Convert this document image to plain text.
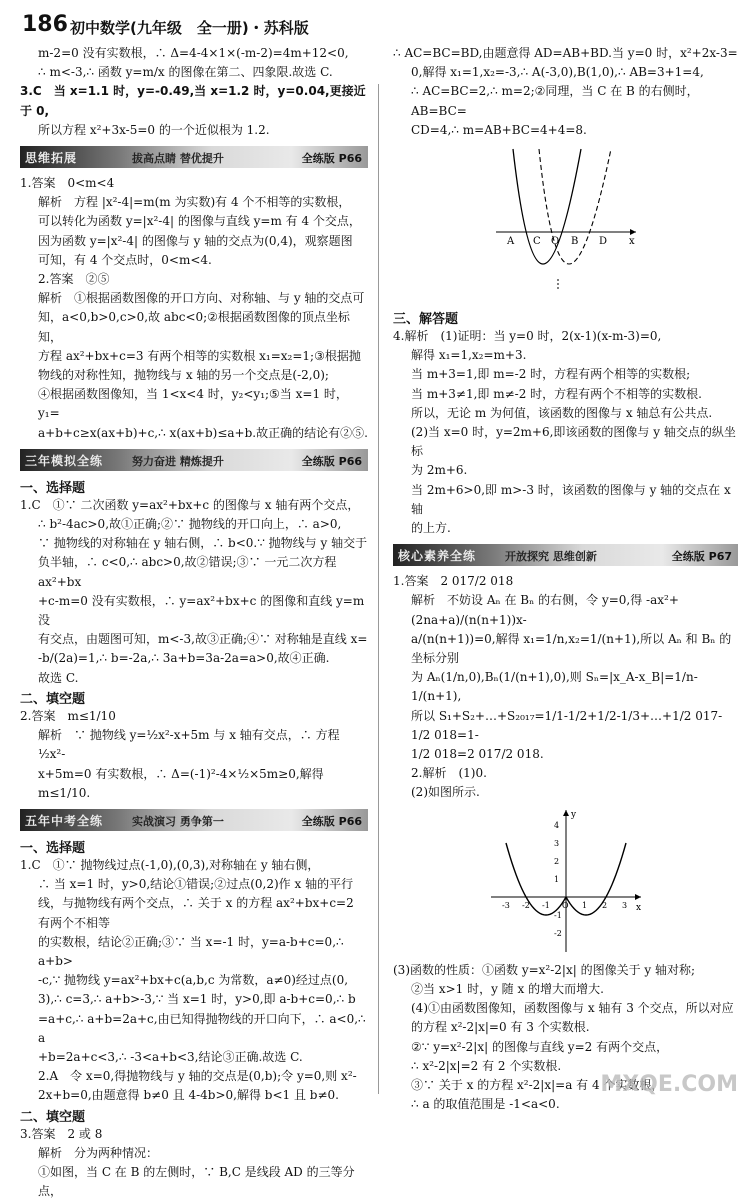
186 初中数学(九年级　全一册)・苏科版

m-2=0 没有实数根，∴ Δ=4-4×1×(-m-2)=4m+12<0,

∴ m<-3,∴ 函数 y=m/x 的图像在第二、四象限.故选 C.

3.C　当 x=1.1 时，y=-0.49,当 x=1.2 时，y=0.04,更接近于 0,

所以方程 x²+3x-5=0 的一个近似根为 1.2.

思维拓展	拔高点睛 替优提升	全练版 P66

1.答案　0<m<4

解析　方程 |x²-4|=m(m 为实数)有 4 个不相等的实数根，

可以转化为函数 y=|x²-4| 的图像与直线 y=m 有 4 个交点，

因为函数 y=|x²-4| 的图像与 y 轴的交点为(0,4)，观察题图

可知，有 4 个交点时，0<m<4.

2.答案　②⑤

解析　①根据函数图像的开口方向、对称轴、与 y 轴的交点可

知，a<0,b>0,c>0,故 abc<0;②根据函数图像的顶点坐标知，

方程 ax²+bx+c=3 有两个相等的实数根 x₁=x₂=1;③根据抛

物线的对称性知，抛物线与 x 轴的另一个交点是(-2,0);

④根据函数图像知，当 1<x<4 时，y₂<y₁;⑤当 x=1 时，y₁=

a+b+c≥x(ax+b)+c,∴ x(ax+b)≤a+b.故正确的结论有②⑤.

三年模拟全练	努力奋进 精炼提升	全练版 P66

一、选择题

1.C　①∵ 二次函数 y=ax²+bx+c 的图像与 x 轴有两个交点，

∴ b²-4ac>0,故①正确;②∵ 抛物线的开口向上，∴ a>0,

∵ 抛物线的对称轴在 y 轴右侧，∴ b<0.∵ 抛物线与 y 轴交于

负半轴，∴ c<0,∴ abc>0,故②错误;③∵ 一元二次方程 ax²+bx

+c-m=0 没有实数根，∴ y=ax²+bx+c 的图像和直线 y=m 没

有交点，由题图可知，m<-3,故③正确;④∵ 对称轴是直线 x=

-b/(2a)=1,∴ b=-2a,∴ 3a+b=3a-2a=a>0,故④正确.

故选 C.

二、填空题

2.答案　m≤1/10

解析　∵ 抛物线 y=½x²-x+5m 与 x 轴有交点，∴ 方程 ½x²-

x+5m=0 有实数根，∴ Δ=(-1)²-4×½×5m≥0,解得 m≤1/10.

五年中考全练	实战演习 勇争第一	全练版 P66

一、选择题

1.C　①∵ 抛物线过点(-1,0),(0,3),对称轴在 y 轴右侧，

∴ 当 x=1 时，y>0,结论①错误;②过点(0,2)作 x 轴的平行

线，与抛物线有两个交点，∴ 关于 x 的方程 ax²+bx+c=2 有两个不相等

的实数根，结论②正确;③∵ 当 x=-1 时，y=a-b+c=0,∴ a+b>

-c,∵ 抛物线 y=ax²+bx+c(a,b,c 为常数，a≠0)经过点(0,

3),∴ c=3,∴ a+b>-3,∵ 当 x=1 时，y>0,即 a-b+c=0,∴ b

=a+c,∴ a+b=2a+c,由已知得抛物线的开口向下，∴ a<0,∴ a

+b=2a+c<3,∴ -3<a+b<3,结论③正确.故选 C.

2.A　令 x=0,得抛物线与 y 轴的交点是(0,b);令 y=0,则 x²-

2x+b=0,由题意得 b≠0 且 4-4b>0,解得 b<1 且 b≠0.

二、填空题

3.答案　2 或 8

解析　分为两种情况：

①如图，当 C 在 B 的左侧时，∵ B,C 是线段 AD 的三等分点，

∴ AC=BC=BD,由题意得 AD=AB+BD.当 y=0 时，x²+2x-3=

0,解得 x₁=1,x₂=-3,∴ A(-3,0),B(1,0),∴ AB=3+1=4,

∴ AC=BC=2,∴ m=2;②同理，当 C 在 B 的右侧时，AB=BC=

CD=4,∴ m=AB+BC=4+4=8.

A C O B D x

三、解答题

4.解析　(1)证明：当 y=0 时，2(x-1)(x-m-3)=0,

解得 x₁=1,x₂=m+3.

当 m+3=1,即 m=-2 时，方程有两个相等的实数根;

当 m+3≠1,即 m≠-2 时，方程有两个不相等的实数根.

所以，无论 m 为何值，该函数的图像与 x 轴总有公共点.

(2)当 x=0 时，y=2m+6,即该函数的图像与 y 轴交点的纵坐标

为 2m+6.

当 2m+6>0,即 m>-3 时，该函数的图像与 y 轴的交点在 x 轴

的上方.

核心素养全练	开放探究 思维创新	全练版 P67

1.答案　2 017/2 018

解析　不妨设 Aₙ 在 Bₙ 的右侧，令 y=0,得 -ax²+(2na+a)/(n(n+1))x-

a/(n(n+1))=0,解得 x₁=1/n,x₂=1/(n+1),所以 Aₙ 和 Bₙ 的坐标分别

为 Aₙ(1/n,0),Bₙ(1/(n+1),0),则 Sₙ=|x_A-x_B|=1/n-1/(n+1),

所以 S₁+S₂+…+S₂₀₁₇=1/1-1/2+1/2-1/3+…+1/2 017-1/2 018=1-

1/2 018=2 017/2 018.

2.解析　(1)0.

(2)如图所示.

-3 -2 -1 O 1 2 3
4
3
2
1
-1
-2
x
y

(3)函数的性质：①函数 y=x²-2|x| 的图像关于 y 轴对称;

②当 x>1 时，y 随 x 的增大而增大.

(4)①由函数图像知，函数图像与 x 轴有 3 个交点，所以对应

的方程 x²-2|x|=0 有 3 个实数根.

②∵ y=x²-2|x| 的图像与直线 y=2 有两个交点，

∴ x²-2|x|=2 有 2 个实数根.

③∵ 关于 x 的方程 x²-2|x|=a 有 4 个实数根，

∴ a 的取值范围是 -1<a<0.

MXQE.COM
